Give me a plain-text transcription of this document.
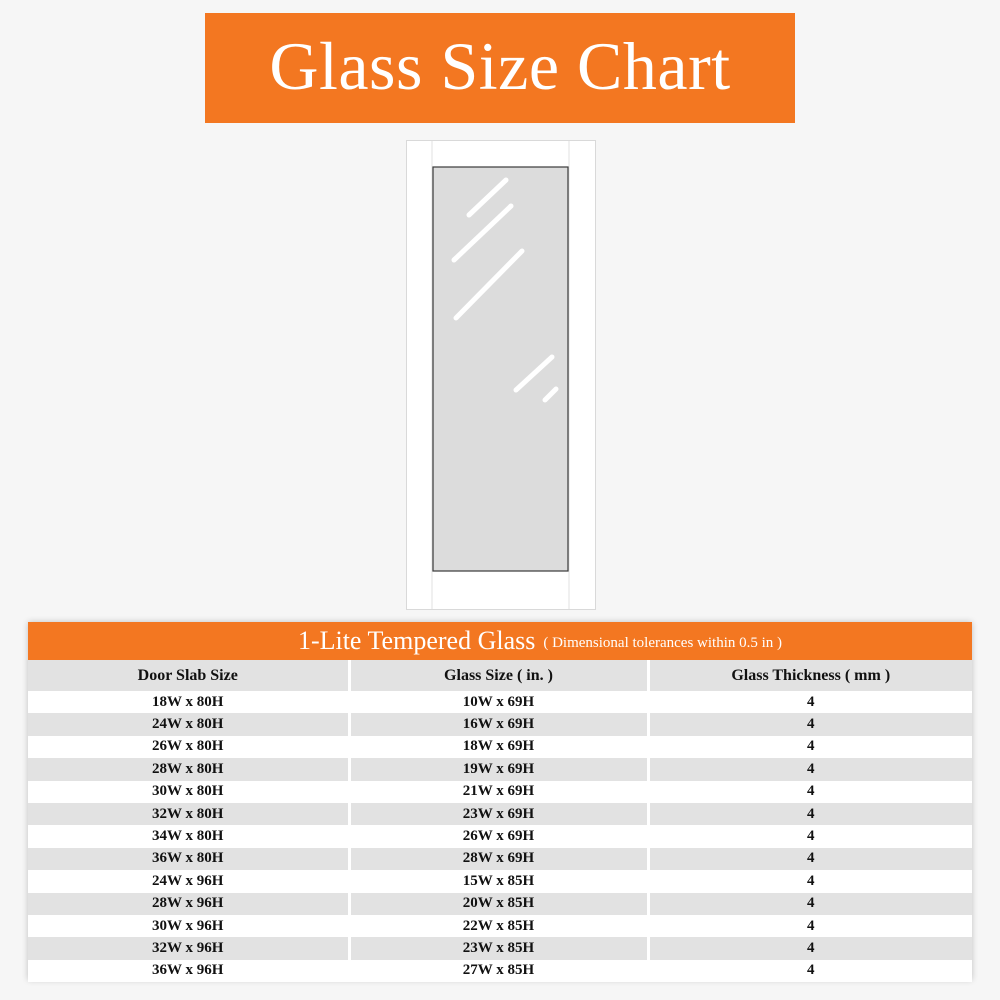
Glass Size Chart
1-Lite Tempered Glass ( Dimensional tolerances within 0.5 in )
Door Slab Size	Glass Size ( in. )	Glass Thickness ( mm )
18W x 80H	10W x 69H	4
24W x 80H	16W x 69H	4
26W x 80H	18W x 69H	4
28W x 80H	19W x 69H	4
30W x 80H	21W x 69H	4
32W x 80H	23W x 69H	4
34W x 80H	26W x 69H	4
36W x 80H	28W x 69H	4
24W x 96H	15W x 85H	4
28W x 96H	20W x 85H	4
30W x 96H	22W x 85H	4
32W x 96H	23W x 85H	4
36W x 96H	27W x 85H	4
